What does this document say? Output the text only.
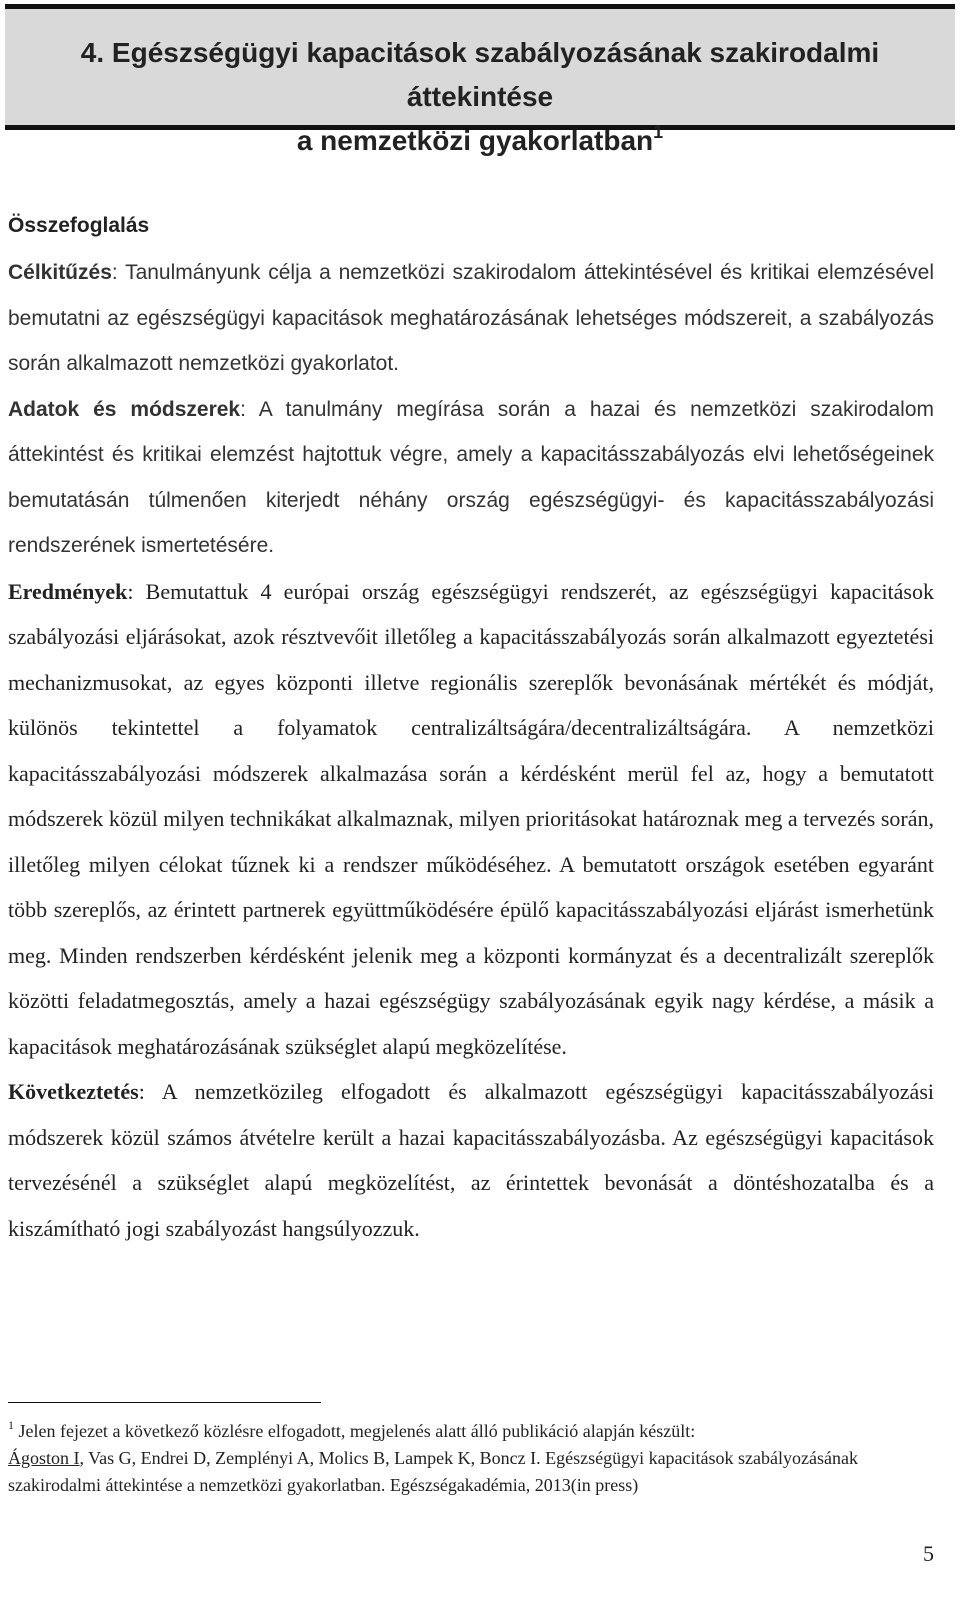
4. Egészségügyi kapacitások szabályozásának szakirodalmi áttekintése
a nemzetközi gyakorlatban$^1$
Összefoglalás

Célkitűzés: Tanulmányunk célja a nemzetközi szakirodalom áttekintésével és kritikai elemzésével bemutatni az egészségügyi kapacitások meghatározásának lehetséges módszereit, a szabályozás során alkalmazott nemzetközi gyakorlatot.

Adatok és módszerek: A tanulmány megírása során a hazai és nemzetközi szakirodalom áttekintést és kritikai elemzést hajtottuk végre, amely a kapacitásszabályozás elvi lehetőségeinek bemutatásán túlmenően kiterjedt néhány ország egészségügyi- és kapacitásszabályozási rendszerének ismertetésére.

Eredmények: Bemutattuk 4 európai ország egészségügyi rendszerét, az egészségügyi kapacitások szabályozási eljárásokat, azok résztvevőit illetőleg a kapacitásszabályozás során alkalmazott egyeztetési mechanizmusokat, az egyes központi illetve regionális szereplők bevonásának mértékét és módját, különös tekintettel a folyamatok centralizáltságára/decentralizáltságára. A nemzetközi kapacitásszabályozási módszerek alkalmazása során a kérdésként merül fel az, hogy a bemutatott módszerek közül milyen technikákat alkalmaznak, milyen prioritásokat határoznak meg a tervezés során, illetőleg milyen célokat tűznek ki a rendszer működéséhez. A bemutatott országok esetében egyaránt több szereplős, az érintett partnerek együttműködésére épülő kapacitásszabályozási eljárást ismerhetünk meg. Minden rendszerben kérdésként jelenik meg a központi kormányzat és a decentralizált szereplők közötti feladatmegosztás, amely a hazai egészségügy szabályozásának egyik nagy kérdése, a másik a kapacitások meghatározásának szükséglet alapú megközelítése.

Következtetés: A nemzetközileg elfogadott és alkalmazott egészségügyi kapacitásszabályozási módszerek közül számos átvételre került a hazai kapacitásszabályozásba. Az egészségügyi kapacitások tervezésénél a szükséglet alapú megközelítést, az érintettek bevonását a döntéshozatalba és a kiszámítható jogi szabályozást hangsúlyozzuk.

$^1$ Jelen fejezet a következő közlésre elfogadott, megjelenés alatt álló publikáció alapján készült:

Ágoston I, Vas G, Endrei D, Zemplényi A, Molics B, Lampek K, Boncz I. Egészségügyi kapacitások szabályozásának szakirodalmi áttekintése a nemzetközi gyakorlatban. Egészségakadémia, 2013(in press)

5
